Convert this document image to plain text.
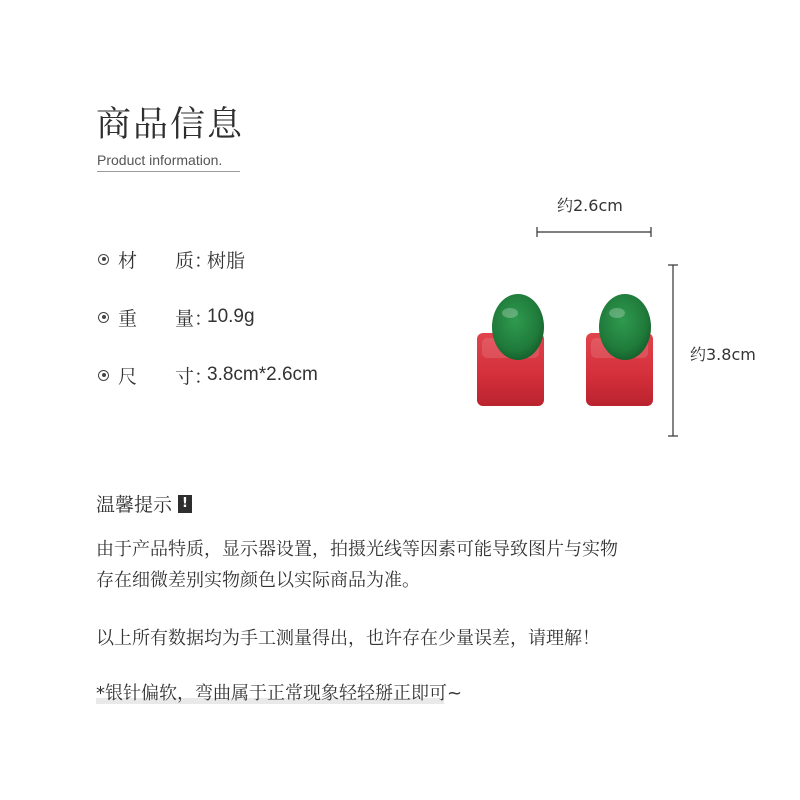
商品信息
Product information.
材　　质：
树脂
重　　量：
10.9g
尺　　寸：
3.8cm*2.6cm
约2.6cm
约3.8cm
温馨提示 !
由于产品特质，显示器设置，拍摄光线等因素可能导致图片与实物
存在细微差别实物颜色以实际商品为准。
以上所有数据均为手工测量得出，也许存在少量误差，请理解！
*银针偏软，弯曲属于正常现象轻轻掰正即可~
